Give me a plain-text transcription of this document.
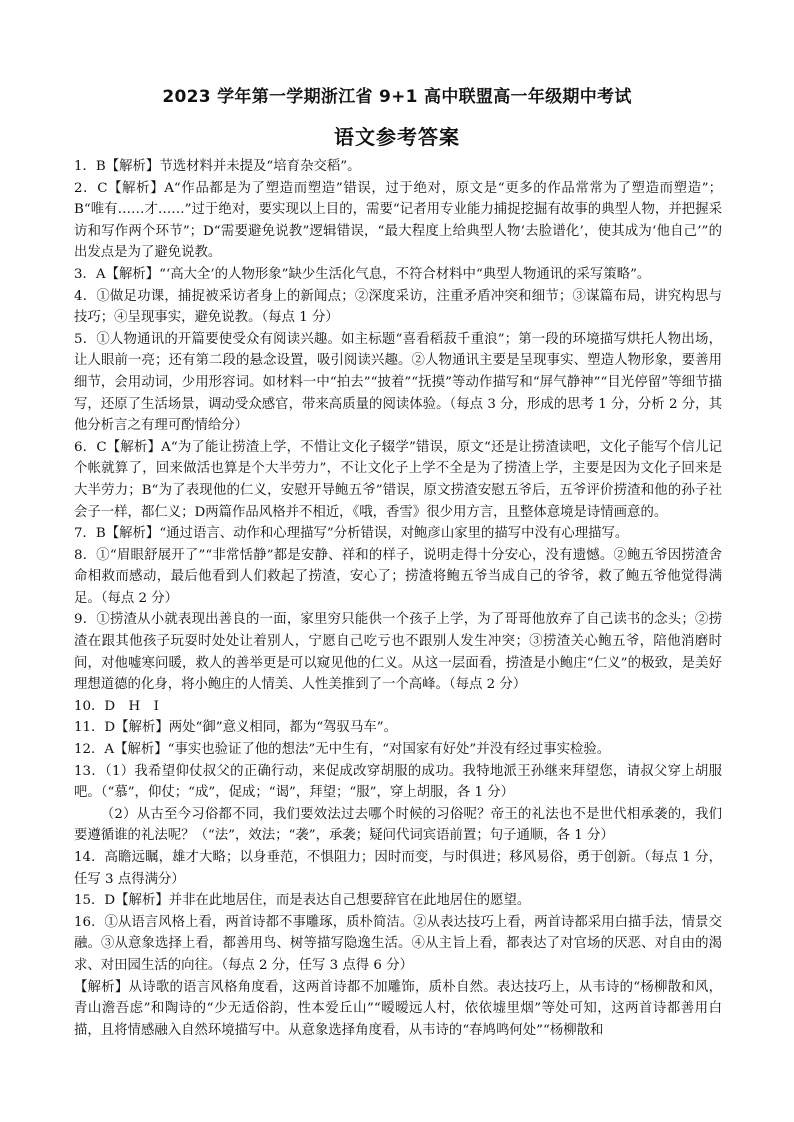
2023 学年第一学期浙江省 9+1 高中联盟高一年级期中考试
语文参考答案

1．B【解析】节选材料并未提及“培育杂交稻”。

2．C【解析】A“作品都是为了塑造而塑造”错误，过于绝对，原文是“更多的作品常常为了塑造而塑造”；B“唯有……才……”过于绝对，要实现以上目的，需要“记者用专业能力捕捉挖掘有故事的典型人物，并把握采访和写作两个环节”；D“需要避免说教”逻辑错误，“最大程度上给典型人物‘去脸谱化’，使其成为‘他自己’”的出发点是为了避免说教。

3．A【解析】“‘高大全’的人物形象”缺少生活化气息，不符合材料中“典型人物通讯的采写策略”。

4．①做足功课，捕捉被采访者身上的新闻点；②深度采访，注重矛盾冲突和细节；③谋篇布局，讲究构思与技巧；④呈现事实，避免说教。（每点 1 分）

5．①人物通讯的开篇要使受众有阅读兴趣。如主标题“喜看稻菽千重浪”；第一段的环境描写烘托人物出场，让人眼前一亮；还有第二段的悬念设置，吸引阅读兴趣。②人物通讯主要是呈现事实、塑造人物形象，要善用细节，会用动词，少用形容词。如材料一中“拍去”“披着”“抚摸”等动作描写和“屏气静神”“目光停留”等细节描写，还原了生活场景，调动受众感官，带来高质量的阅读体验。（每点 3 分，形成的思考 1 分，分析 2 分，其他分析言之有理可酌情给分）

6．C【解析】A“为了能让捞渣上学，不惜让文化子辍学”错误，原文“还是让捞渣读吧，文化子能写个信儿记个帐就算了，回来做活也算是个大半劳力”，不让文化子上学不全是为了捞渣上学，主要是因为文化子回来是大半劳力；B“为了表现他的仁义，安慰开导鲍五爷”错误，原文捞渣安慰五爷后，五爷评价捞渣和他的孙子社会子一样，都仁义；D两篇作品风格并不相近，《哦，香雪》很少用方言，且整体意境是诗情画意的。

7．B【解析】“通过语言、动作和心理描写”分析错误，对鲍彦山家里的描写中没有心理描写。

8．①“眉眼舒展开了”“非常恬静”都是安静、祥和的样子，说明走得十分安心，没有遗憾。②鲍五爷因捞渣舍命相救而感动，最后他看到人们救起了捞渣，安心了；捞渣将鲍五爷当成自己的爷爷，救了鲍五爷他觉得满足。（每点 2 分）

9．①捞渣从小就表现出善良的一面，家里穷只能供一个孩子上学，为了哥哥他放弃了自己读书的念头；②捞渣在跟其他孩子玩耍时处处让着别人，宁愿自己吃亏也不跟别人发生冲突；③捞渣关心鲍五爷，陪他消磨时间，对他嘘寒问暖，救人的善举更是可以窥见他的仁义。从这一层面看，捞渣是小鲍庄“仁义”的极致，是美好理想道德的化身，将小鲍庄的人情美、人性美推到了一个高峰。（每点 2 分）

10．D　H　I

11．D【解析】两处“御”意义相同，都为“驾驭马车”。

12．A【解析】“事实也验证了他的想法”无中生有，“对国家有好处”并没有经过事实检验。

13．（1）我希望仰仗叔父的正确行动，来促成改穿胡服的成功。我特地派王孙继来拜望您，请叔父穿上胡服吧。（“慕”，仰仗；“成”，促成；“谒”，拜望；“服”，穿上胡服，各 1 分）

（2）从古至今习俗都不同，我们要效法过去哪个时候的习俗呢？帝王的礼法也不是世代相承袭的，我们要遵循谁的礼法呢？（“法”，效法；“袭”，承袭；疑问代词宾语前置；句子通顺，各 1 分）

14．高瞻远瞩，雄才大略；以身垂范，不惧阻力；因时而变，与时俱进；移风易俗，勇于创新。（每点 1 分，任写 3 点得满分）

15．D【解析】并非在此地居住，而是表达自己想要辞官在此地居住的愿望。

16．①从语言风格上看，两首诗都不事雕琢，质朴简洁。②从表达技巧上看，两首诗都采用白描手法，情景交融。③从意象选择上看，都善用鸟、树等描写隐逸生活。④从主旨上看，都表达了对官场的厌恶、对自由的渴求、对田园生活的向往。（每点 2 分，任写 3 点得 6 分）

【解析】从诗歌的语言风格角度看，这两首诗都不加雕饰，质朴自然。表达技巧上，从韦诗的“杨柳散和风，青山澹吾虑”和陶诗的“少无适俗韵，性本爱丘山”“暧暧远人村，依依墟里烟”等处可知，这两首诗都善用白描，且将情感融入自然环境描写中。从意象选择角度看，从韦诗的“春鸠鸣何处”“杨柳散和
